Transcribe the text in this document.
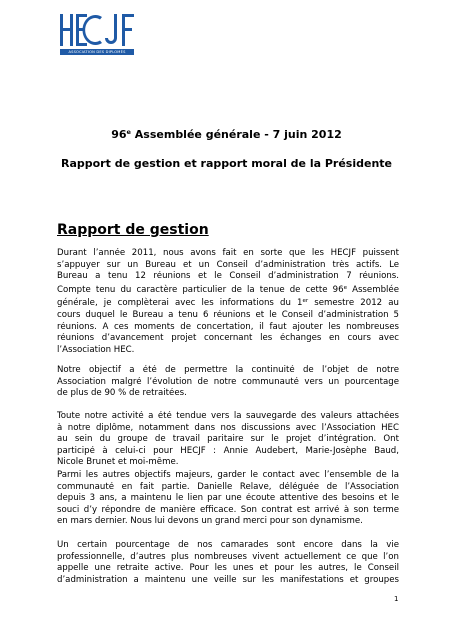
ASSOCIATION DES DIPLOMÉS
96e Assemblée générale - 7 juin 2012
Rapport de gestion et rapport moral de la Présidente
Rapport de gestion
Durant l’année 2011, nous avons fait en sorte que les HECJF puissent
s’appuyer sur un Bureau et un Conseil d’administration très actifs. Le
Bureau a tenu 12 réunions et le Conseil d’administration 7 réunions.
Compte tenu du caractère particulier de la tenue de cette 96e Assemblée
générale, je complèterai avec les informations du 1er semestre 2012 au
cours duquel le Bureau a tenu 6 réunions et le Conseil d’administration 5
réunions. A ces moments de concertation, il faut ajouter les nombreuses
réunions d’avancement projet concernant les échanges en cours avec
l’Association HEC.
Notre objectif a été de permettre la continuité de l’objet de notre
Association malgré l’évolution de notre communauté vers un pourcentage
de plus de 90 % de retraitées.
Toute notre activité a été tendue vers la sauvegarde des valeurs attachées
à notre diplôme, notamment dans nos discussions avec l’Association HEC
au sein du groupe de travail paritaire sur le projet d’intégration. Ont
participé à celui-ci pour HECJF : Annie Audebert, Marie-Josèphe Baud,
Nicole Brunet et moi-même.
Parmi les autres objectifs majeurs, garder le contact avec l’ensemble de la
communauté en fait partie. Danielle Relave, déléguée de l’Association
depuis 3 ans, a maintenu le lien par une écoute attentive des besoins et le
souci d’y répondre de manière efficace. Son contrat est arrivé à son terme
en mars dernier. Nous lui devons un grand merci pour son dynamisme.
Un certain pourcentage de nos camarades sont encore dans la vie
professionnelle, d’autres plus nombreuses vivent actuellement ce que l’on
appelle une retraite active. Pour les unes et pour les autres, le Conseil
d’administration a maintenu une veille sur les manifestations et groupes
1
